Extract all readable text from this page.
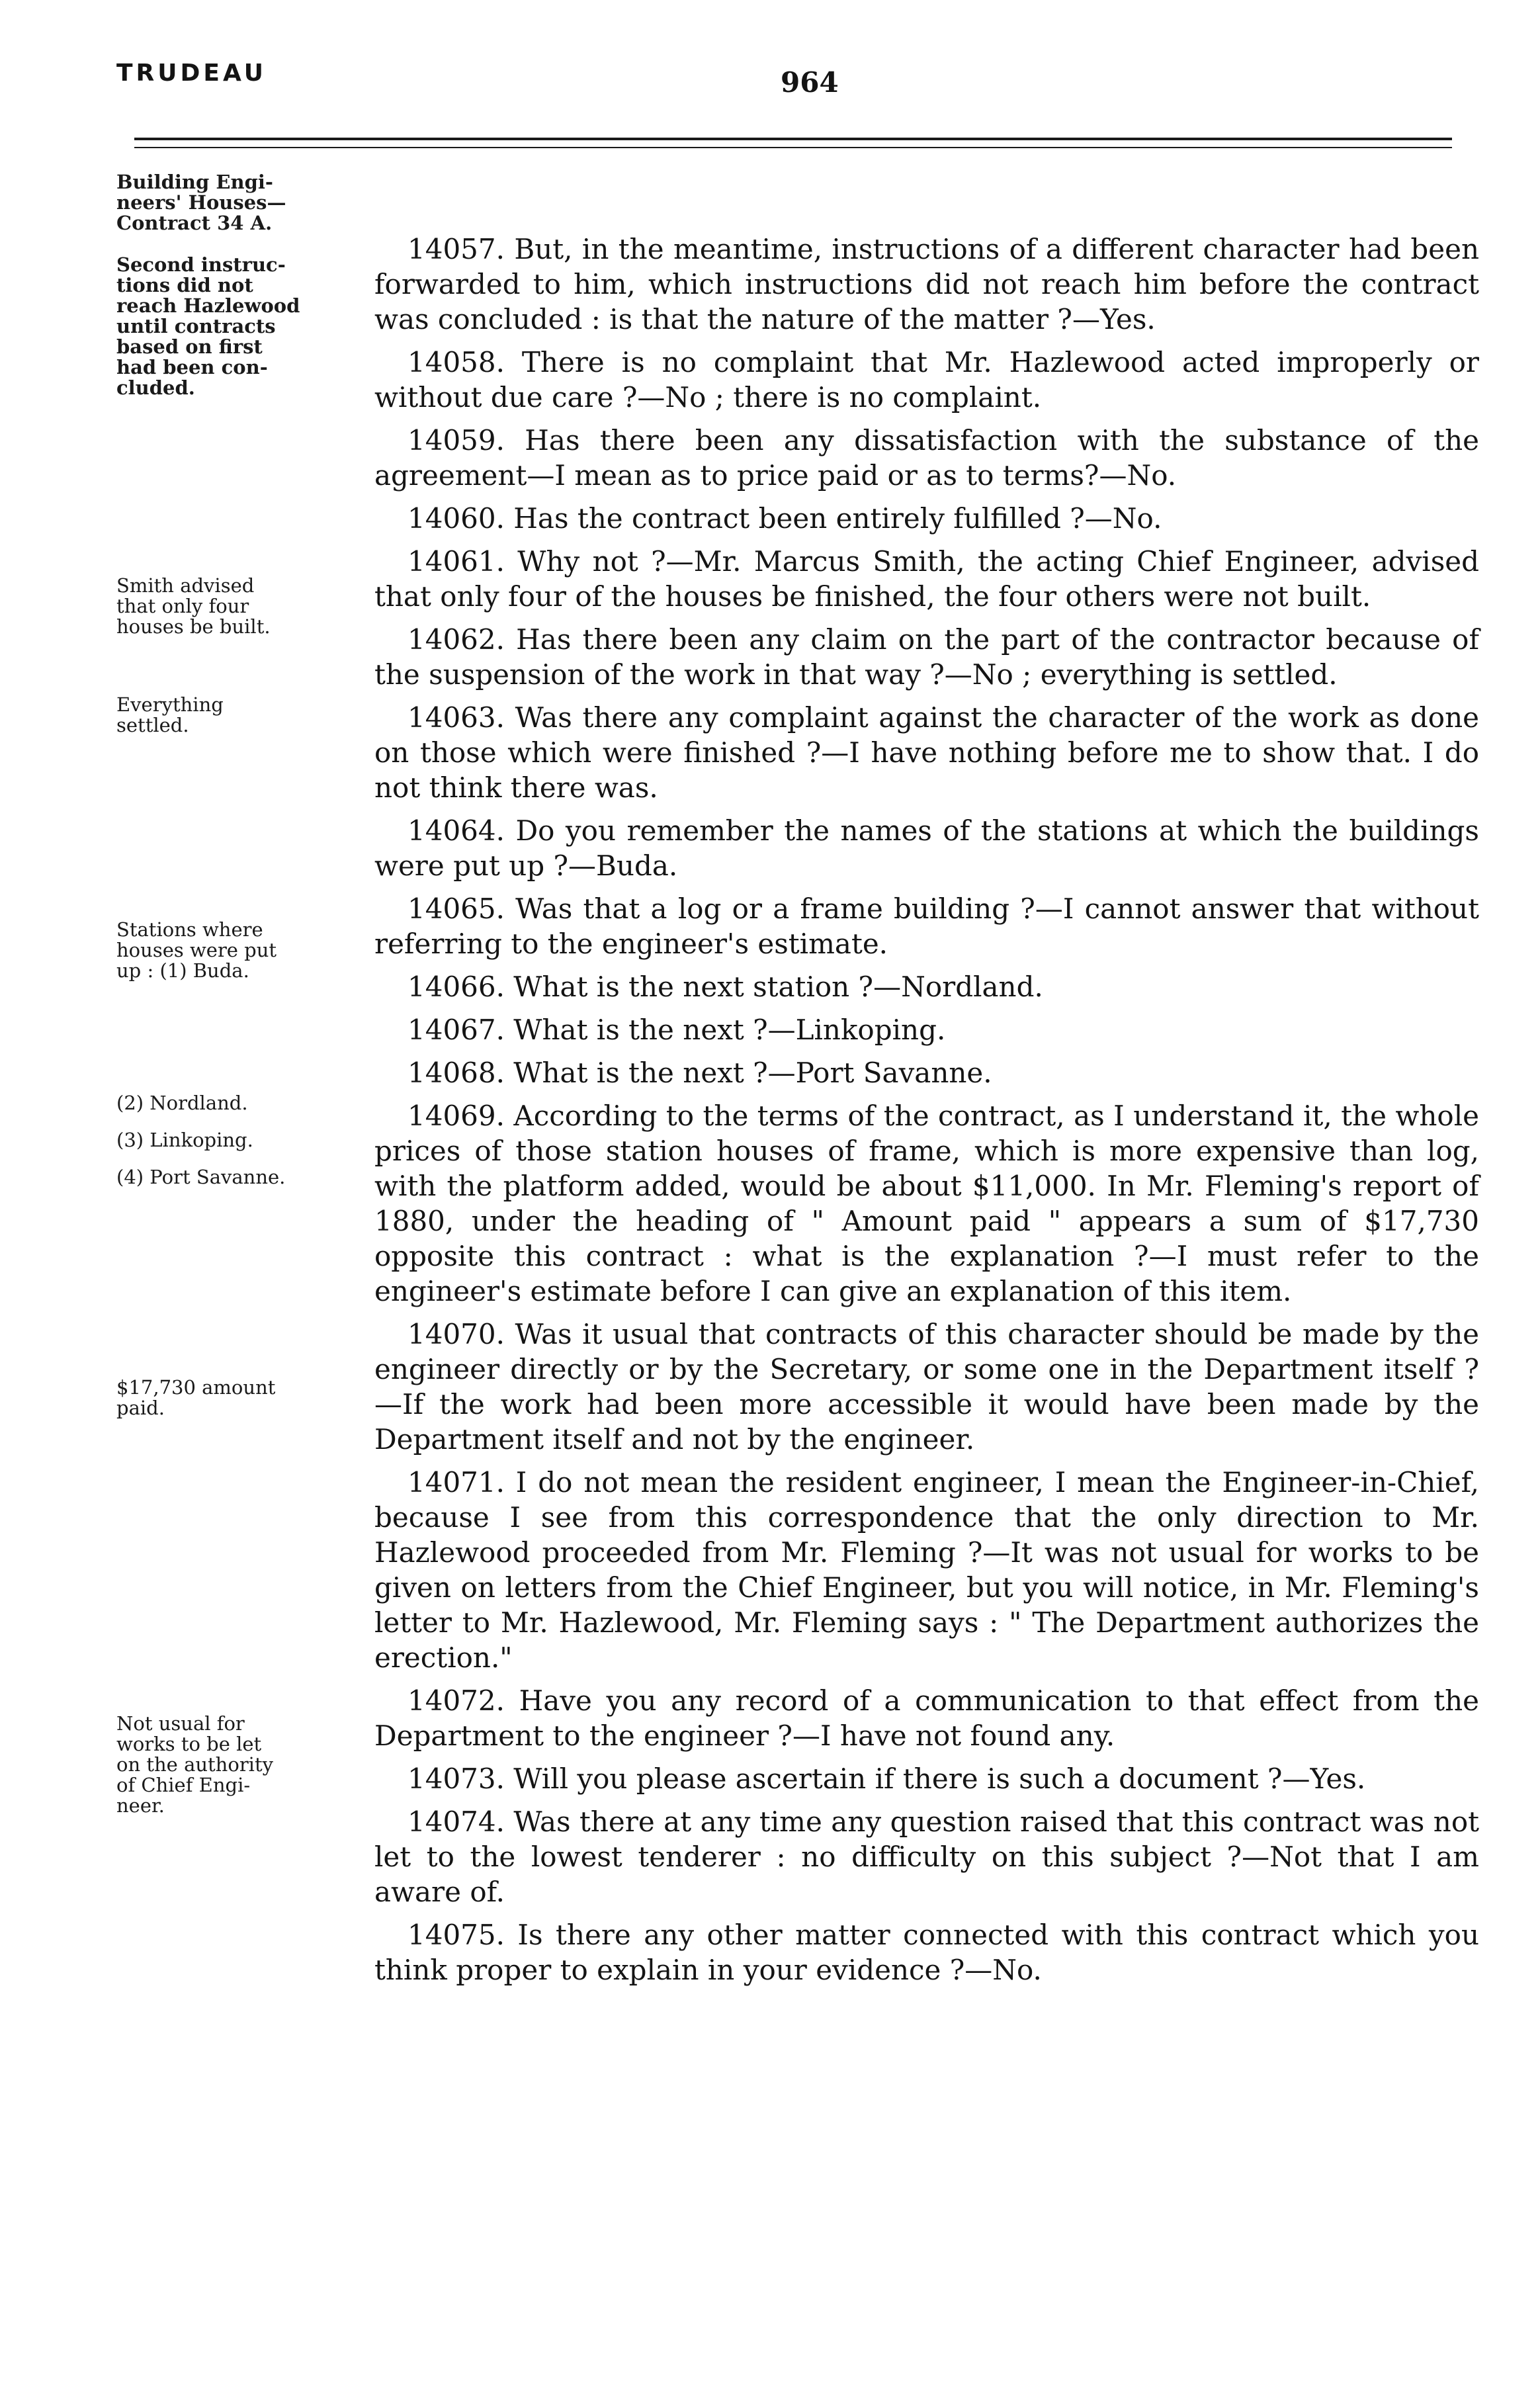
TRUDEAU	964
Building Engi-
neers' Houses—
Contract 34 A.
Second instruc-
tions did not
reach Hazlewood
until contracts
based on first
had been con-
cluded.
Smith advised
that only four
houses be built.
Everything
settled.
Stations where
houses were put
up : (1) Buda.
(2) Nordland.
(3) Linkoping.
(4) Port Savanne.
$17,730 amount
paid.
Not usual for
works to be let
on the authority
of Chief Engi-
neer.

14057. But, in the meantime, instructions of a different character had been forwarded to him, which instructions did not reach him before the contract was concluded : is that the nature of the matter ?—Yes.

14058. There is no complaint that Mr. Hazlewood acted improperly or without due care ?—No ; there is no complaint.

14059. Has there been any dissatisfaction with the substance of the agreement—I mean as to price paid or as to terms?—No.

14060. Has the contract been entirely fulfilled ?—No.

14061. Why not ?—Mr. Marcus Smith, the acting Chief Engineer, advised that only four of the houses be finished, the four others were not built.

14062. Has there been any claim on the part of the contractor because of the suspension of the work in that way ?—No ; everything is settled.

14063. Was there any complaint against the character of the work as done on those which were finished ?—I have nothing before me to show that. I do not think there was.

14064. Do you remember the names of the stations at which the buildings were put up ?—Buda.

14065. Was that a log or a frame building ?—I cannot answer that without referring to the engineer's estimate.

14066. What is the next station ?—Nordland.

14067. What is the next ?—Linkoping.

14068. What is the next ?—Port Savanne.

14069. According to the terms of the contract, as I understand it, the whole prices of those station houses of frame, which is more expensive than log, with the platform added, would be about $11,000. In Mr. Fleming's report of 1880, under the heading of " Amount paid " appears a sum of $17,730 opposite this contract : what is the explanation ?—I must refer to the engineer's estimate before I can give an explanation of this item.

14070. Was it usual that contracts of this character should be made by the engineer directly or by the Secretary, or some one in the Department itself ?—If the work had been more accessible it would have been made by the Department itself and not by the engineer.

14071. I do not mean the resident engineer, I mean the Engineer-in-Chief, because I see from this correspondence that the only direction to Mr. Hazlewood proceeded from Mr. Fleming ?—It was not usual for works to be given on letters from the Chief Engineer, but you will notice, in Mr. Fleming's letter to Mr. Hazlewood, Mr. Fleming says : " The Department authorizes the erection."

14072. Have you any record of a communication to that effect from the Department to the engineer ?—I have not found any.

14073. Will you please ascertain if there is such a document ?—Yes.

14074. Was there at any time any question raised that this contract was not let to the lowest tenderer : no difficulty on this subject ?—Not that I am aware of.

14075. Is there any other matter connected with this contract which you think proper to explain in your evidence ?—No.
